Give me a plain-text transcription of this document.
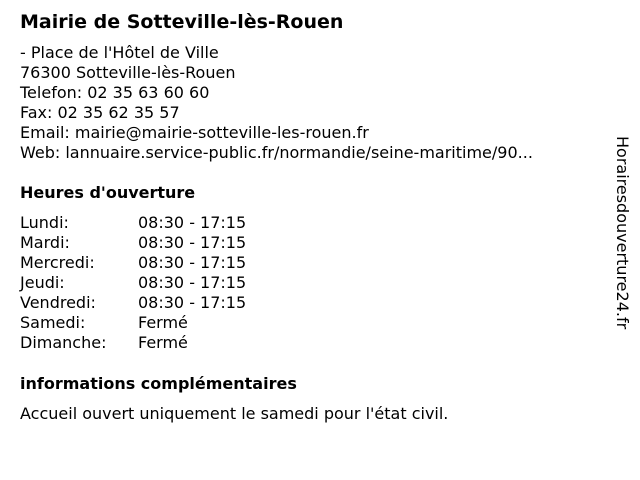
Mairie de Sotteville-lès-Rouen
- Place de l'Hôtel de Ville
76300 Sotteville-lès-Rouen
Telefon: 02 35 63 60 60
Fax: 02 35 62 35 57
Email: mairie@mairie-sotteville-les-rouen.fr
Web: lannuaire.service-public.fr/normandie/seine-maritime/90...
Heures d'ouverture
Lundi:	08:30 - 17:15
Mardi:	08:30 - 17:15
Mercredi:	08:30 - 17:15
Jeudi:	08:30 - 17:15
Vendredi:	08:30 - 17:15
Samedi:	Fermé
Dimanche: Fermé
informations complémentaires
Accueil ouvert uniquement le samedi pour l'état civil.
Horairesdouverture24.fr
